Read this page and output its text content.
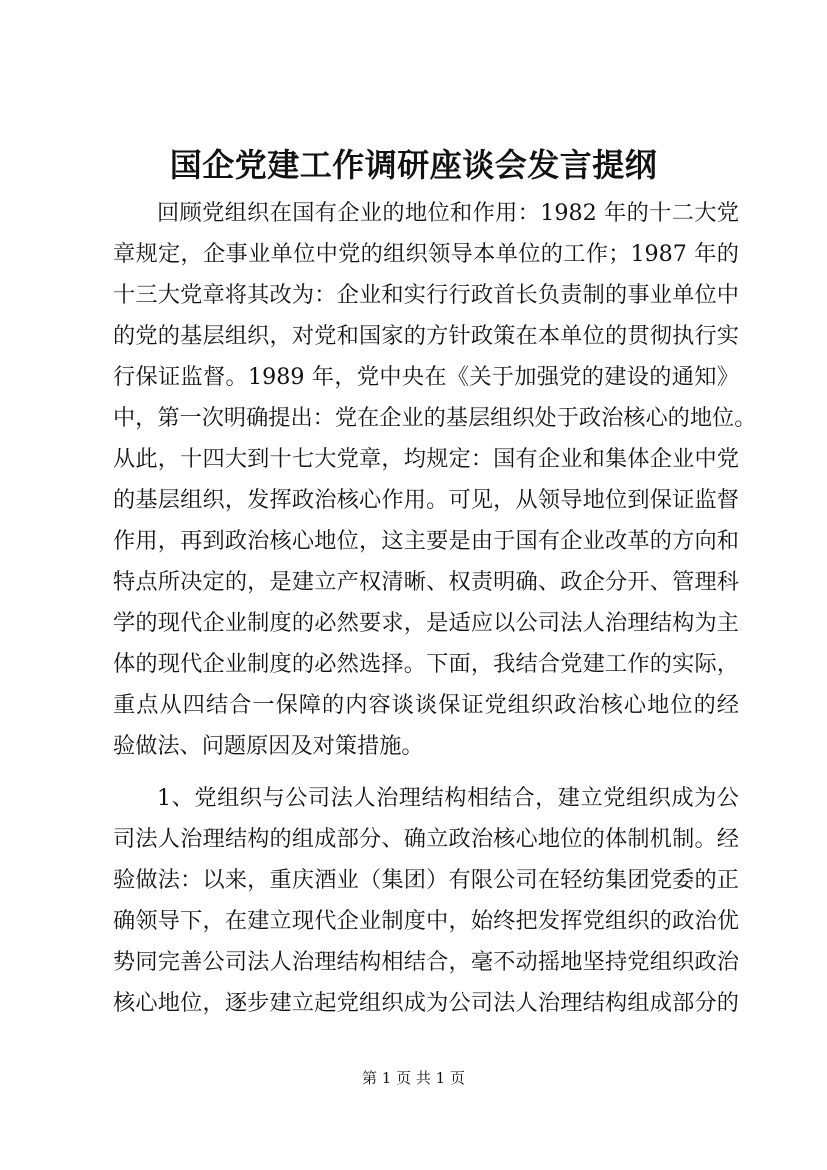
国企党建工作调研座谈会发言提纲
回顾党组织在国有企业的地位和作用：1982 年的十二大党
章规定，企事业单位中党的组织领导本单位的工作；1987 年的
十三大党章将其改为：企业和实行行政首长负责制的事业单位中
的党的基层组织，对党和国家的方针政策在本单位的贯彻执行实
行保证监督。1989 年，党中央在《关于加强党的建设的通知》
中，第一次明确提出：党在企业的基层组织处于政治核心的地位。
从此，十四大到十七大党章，均规定：国有企业和集体企业中党
的基层组织，发挥政治核心作用。可见，从领导地位到保证监督
作用，再到政治核心地位，这主要是由于国有企业改革的方向和
特点所决定的，是建立产权清晰、权责明确、政企分开、管理科
学的现代企业制度的必然要求，是适应以公司法人治理结构为主
体的现代企业制度的必然选择。下面，我结合党建工作的实际，
重点从四结合一保障的内容谈谈保证党组织政治核心地位的经
验做法、问题原因及对策措施。
1、党组织与公司法人治理结构相结合，建立党组织成为公
司法人治理结构的组成部分、确立政治核心地位的体制机制。经
验做法：以来，重庆酒业（集团）有限公司在轻纺集团党委的正
确领导下，在建立现代企业制度中，始终把发挥党组织的政治优
势同完善公司法人治理结构相结合，毫不动摇地坚持党组织政治
核心地位，逐步建立起党组织成为公司法人治理结构组成部分的
第 1 页 共 1 页
